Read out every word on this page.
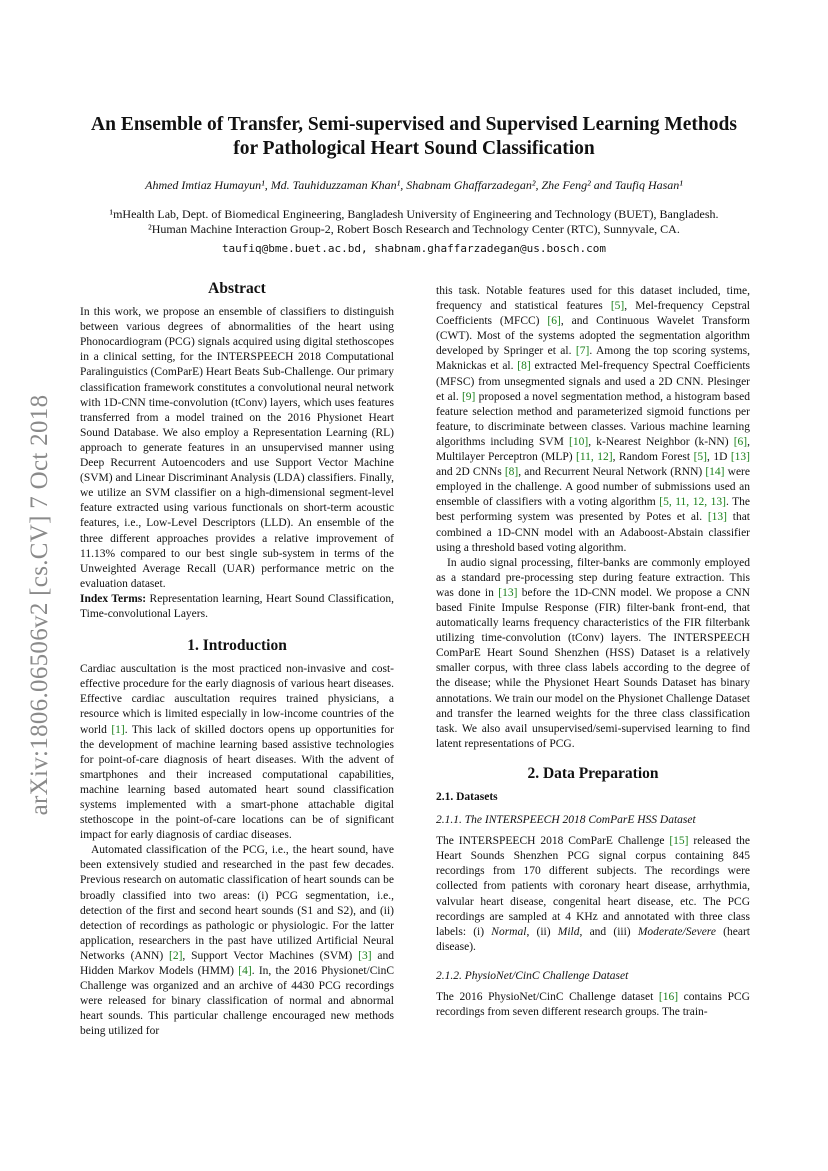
arXiv:1806.06506v2 [cs.CV] 7 Oct 2018
An Ensemble of Transfer, Semi-supervised and Supervised Learning Methods
for Pathological Heart Sound Classification
Ahmed Imtiaz Humayun¹, Md. Tauhiduzzaman Khan¹, Shabnam Ghaffarzadegan², Zhe Feng² and Taufiq Hasan¹
¹mHealth Lab, Dept. of Biomedical Engineering, Bangladesh University of Engineering and Technology (BUET), Bangladesh.
²Human Machine Interaction Group-2, Robert Bosch Research and Technology Center (RTC), Sunnyvale, CA.
taufiq@bme.buet.ac.bd, shabnam.ghaffarzadegan@us.bosch.com
Abstract

In this work, we propose an ensemble of classifiers to distinguish between various degrees of abnormalities of the heart using Phonocardiogram (PCG) signals acquired using digital stethoscopes in a clinical setting, for the INTERSPEECH 2018 Computational Paralinguistics (ComParE) Heart Beats Sub-Challenge. Our primary classification framework constitutes a convolutional neural network with 1D-CNN time-convolution (tConv) layers, which uses features transferred from a model trained on the 2016 Physionet Heart Sound Database. We also employ a Representation Learning (RL) approach to generate features in an unsupervised manner using Deep Recurrent Autoencoders and use Support Vector Machine (SVM) and Linear Discriminant Analysis (LDA) classifiers. Finally, we utilize an SVM classifier on a high-dimensional segment-level feature extracted using various functionals on short-term acoustic features, i.e., Low-Level Descriptors (LLD). An ensemble of the three different approaches provides a relative improvement of 11.13% compared to our best single sub-system in terms of the Unweighted Average Recall (UAR) performance metric on the evaluation dataset.

Index Terms: Representation learning, Heart Sound Classification, Time-convolutional Layers.

1. Introduction

Cardiac auscultation is the most practiced non-invasive and cost-effective procedure for the early diagnosis of various heart diseases. Effective cardiac auscultation requires trained physicians, a resource which is limited especially in low-income countries of the world [1]. This lack of skilled doctors opens up opportunities for the development of machine learning based assistive technologies for point-of-care diagnosis of heart diseases. With the advent of smartphones and their increased computational capabilities, machine learning based automated heart sound classification systems implemented with a smart-phone attachable digital stethoscope in the point-of-care locations can be of significant impact for early diagnosis of cardiac diseases.

Automated classification of the PCG, i.e., the heart sound, have been extensively studied and researched in the past few decades. Previous research on automatic classification of heart sounds can be broadly classified into two areas: (i) PCG segmentation, i.e., detection of the first and second heart sounds (S1 and S2), and (ii) detection of recordings as pathologic or physiologic. For the latter application, researchers in the past have utilized Artificial Neural Networks (ANN) [2], Support Vector Machines (SVM) [3] and Hidden Markov Models (HMM) [4]. In, the 2016 Physionet/CinC Challenge was organized and an archive of 4430 PCG recordings were released for binary classification of normal and abnormal heart sounds. This particular challenge encouraged new methods being utilized for

this task. Notable features used for this dataset included, time, frequency and statistical features [5], Mel-frequency Cepstral Coefficients (MFCC) [6], and Continuous Wavelet Transform (CWT). Most of the systems adopted the segmentation algorithm developed by Springer et al. [7]. Among the top scoring systems, Maknickas et al. [8] extracted Mel-frequency Spectral Coefficients (MFSC) from unsegmented signals and used a 2D CNN. Plesinger et al. [9] proposed a novel segmentation method, a histogram based feature selection method and parameterized sigmoid functions per feature, to discriminate between classes. Various machine learning algorithms including SVM [10], k-Nearest Neighbor (k-NN) [6], Multilayer Perceptron (MLP) [11, 12], Random Forest [5], 1D [13] and 2D CNNs [8], and Recurrent Neural Network (RNN) [14] were employed in the challenge. A good number of submissions used an ensemble of classifiers with a voting algorithm [5, 11, 12, 13]. The best performing system was presented by Potes et al. [13] that combined a 1D-CNN model with an Adaboost-Abstain classifier using a threshold based voting algorithm.

In audio signal processing, filter-banks are commonly employed as a standard pre-processing step during feature extraction. This was done in [13] before the 1D-CNN model. We propose a CNN based Finite Impulse Response (FIR) filter-bank front-end, that automatically learns frequency characteristics of the FIR filterbank utilizing time-convolution (tConv) layers. The INTERSPEECH ComParE Heart Sound Shenzhen (HSS) Dataset is a relatively smaller corpus, with three class labels according to the degree of the disease; while the Physionet Heart Sounds Dataset has binary annotations. We train our model on the Physionet Challenge Dataset and transfer the learned weights for the three class classification task. We also avail unsupervised/semi-supervised learning to find latent representations of PCG.

2. Data Preparation
2.1. Datasets
2.1.1. The INTERSPEECH 2018 ComParE HSS Dataset

The INTERSPEECH 2018 ComParE Challenge [15] released the Heart Sounds Shenzhen PCG signal corpus containing 845 recordings from 170 different subjects. The recordings were collected from patients with coronary heart disease, arrhythmia, valvular heart disease, congenital heart disease, etc. The PCG recordings are sampled at 4 KHz and annotated with three class labels: (i) Normal, (ii) Mild, and (iii) Moderate/Severe (heart disease).

2.1.2. PhysioNet/CinC Challenge Dataset

The 2016 PhysioNet/CinC Challenge dataset [16] contains PCG recordings from seven different research groups. The train-
